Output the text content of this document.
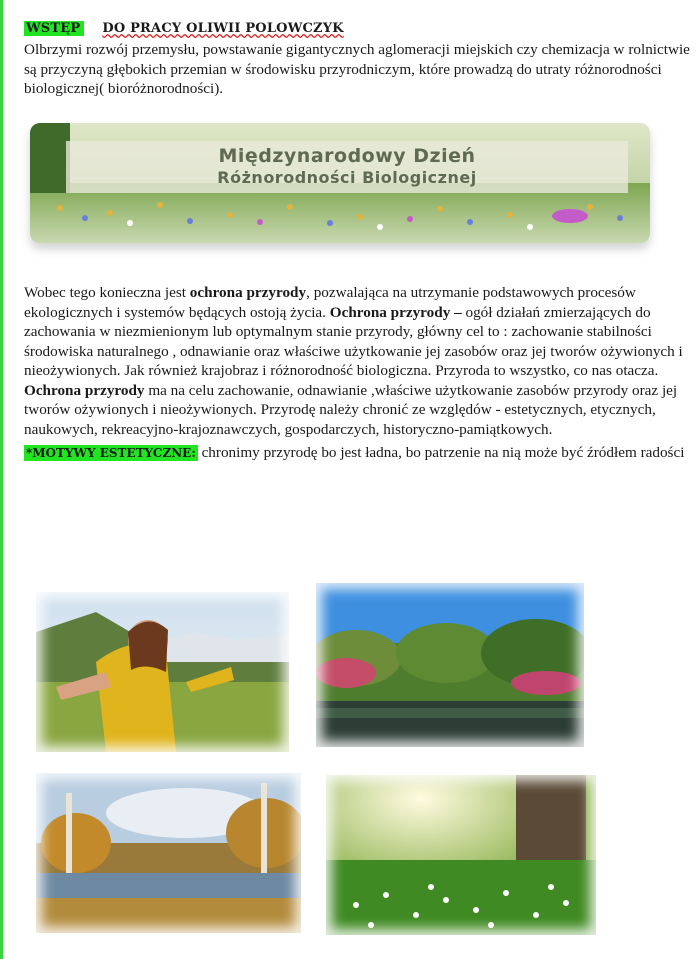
WSTĘP DO PRACY OLIWII POLOWCZYK

Olbrzymi rozwój przemysłu, powstawanie gigantycznych aglomeracji miejskich czy chemizacja w rolnictwie są przyczyną głębokich przemian w środowisku przyrodniczym, które prowadzą do utraty różnorodności biologicznej( bioróżnorodności).

Międzynarodowy Dzień
Różnorodności Biologicznej

Wobec tego konieczna jest ochrona przyrody, pozwalająca na utrzymanie podstawowych procesów ekologicznych i systemów będących ostoją życia. Ochrona przyrody – ogół działań zmierzających do zachowania w niezmienionym lub optymalnym stanie przyrody, główny cel to : zachowanie stabilności środowiska naturalnego , odnawianie oraz właściwe użytkowanie jej zasobów oraz jej tworów ożywionych i nieożywionych. Jak również krajobraz i różnorodność biologiczna. Przyroda to wszystko, co nas otacza.

Ochrona przyrody ma na celu zachowanie, odnawianie ,właściwe użytkowanie zasobów przyrody oraz jej tworów ożywionych i nieożywionych. Przyrodę należy chronić ze względów - estetycznych, etycznych, naukowych, rekreacyjno-krajoznawczych, gospodarczych, historyczno-pamiątkowych.

*MOTYWY ESTETYCZNE: chronimy przyrodę bo jest ładna, bo patrzenie na nią może być źródłem radości
